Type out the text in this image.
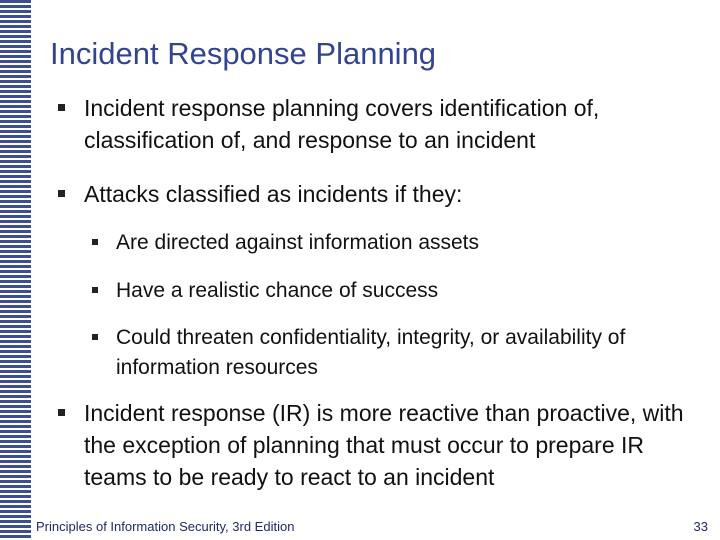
Incident Response Planning
Incident response planning covers identification of, classification of, and response to an incident
Attacks classified as incidents if they:
Are directed against information assets
Have a realistic chance of success
Could threaten confidentiality, integrity, or availability of information resources
Incident response (IR) is more reactive than proactive, with the exception of planning that must occur to prepare IR teams to be ready to react to an incident
Principles of Information Security, 3rd Edition	33
